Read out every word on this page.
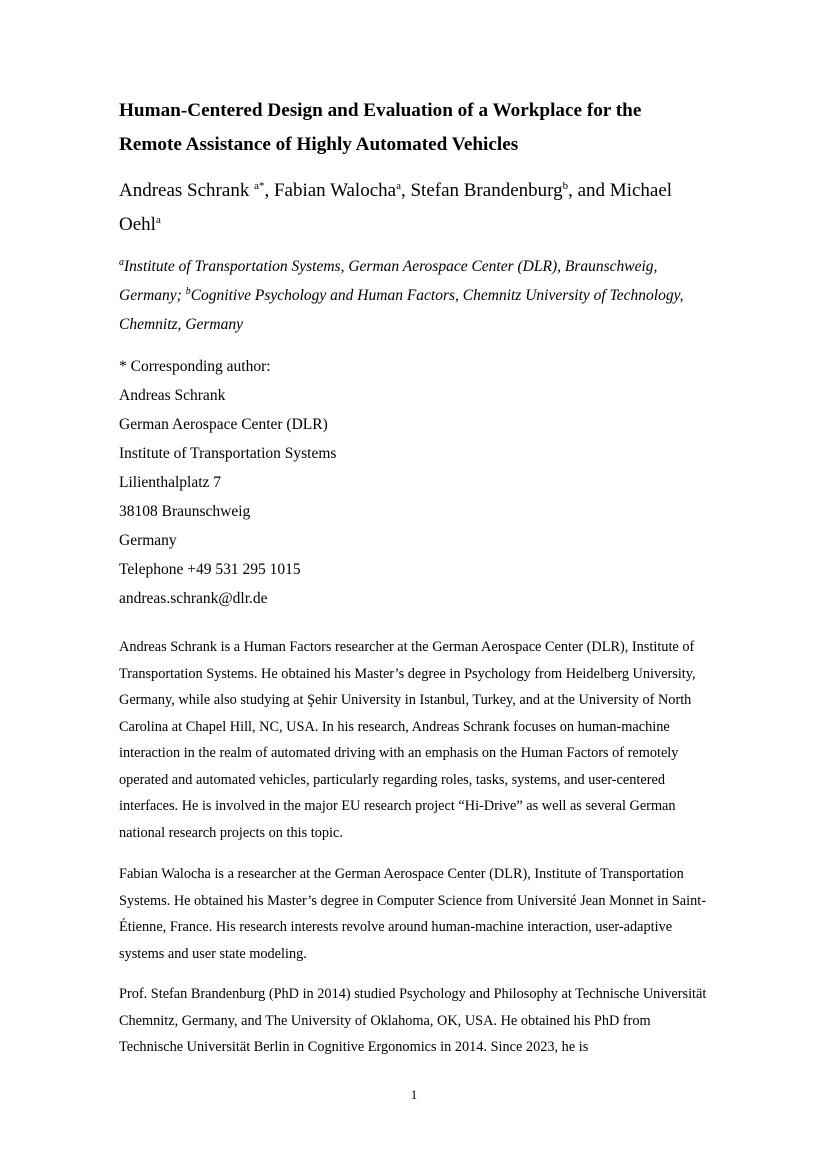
Human-Centered Design and Evaluation of a Workplace for the
Remote Assistance of Highly Automated Vehicles

Andreas Schrank $^{a*}$, Fabian Walocha$^a$, Stefan Brandenburg$^b$, and Michael Oehl$^a$

$^a$Institute of Transportation Systems, German Aerospace Center (DLR), Braunschweig, Germany; $^b$Cognitive Psychology and Human Factors, Chemnitz University of Technology, Chemnitz, Germany

* Corresponding author:
Andreas Schrank
German Aerospace Center (DLR)
Institute of Transportation Systems
Lilienthalplatz 7
38108 Braunschweig
Germany
Telephone +49 531 295 1015
andreas.schrank@dlr.de

Andreas Schrank is a Human Factors researcher at the German Aerospace Center (DLR), Institute of Transportation Systems. He obtained his Master’s degree in Psychology from Heidelberg University, Germany, while also studying at Şehir University in Istanbul, Turkey, and at the University of North Carolina at Chapel Hill, NC, USA. In his research, Andreas Schrank focuses on human-machine interaction in the realm of automated driving with an emphasis on the Human Factors of remotely operated and automated vehicles, particularly regarding roles, tasks, systems, and user-centered interfaces. He is involved in the major EU research project “Hi-Drive” as well as several German national research projects on this topic.

Fabian Walocha is a researcher at the German Aerospace Center (DLR), Institute of Transportation Systems. He obtained his Master’s degree in Computer Science from Université Jean Monnet in Saint-Étienne, France. His research interests revolve around human-machine interaction, user-adaptive systems and user state modeling.

Prof. Stefan Brandenburg (PhD in 2014) studied Psychology and Philosophy at Technische Universität Chemnitz, Germany, and The University of Oklahoma, OK, USA. He obtained his PhD from Technische Universität Berlin in Cognitive Ergonomics in 2014. Since 2023, he is

1
